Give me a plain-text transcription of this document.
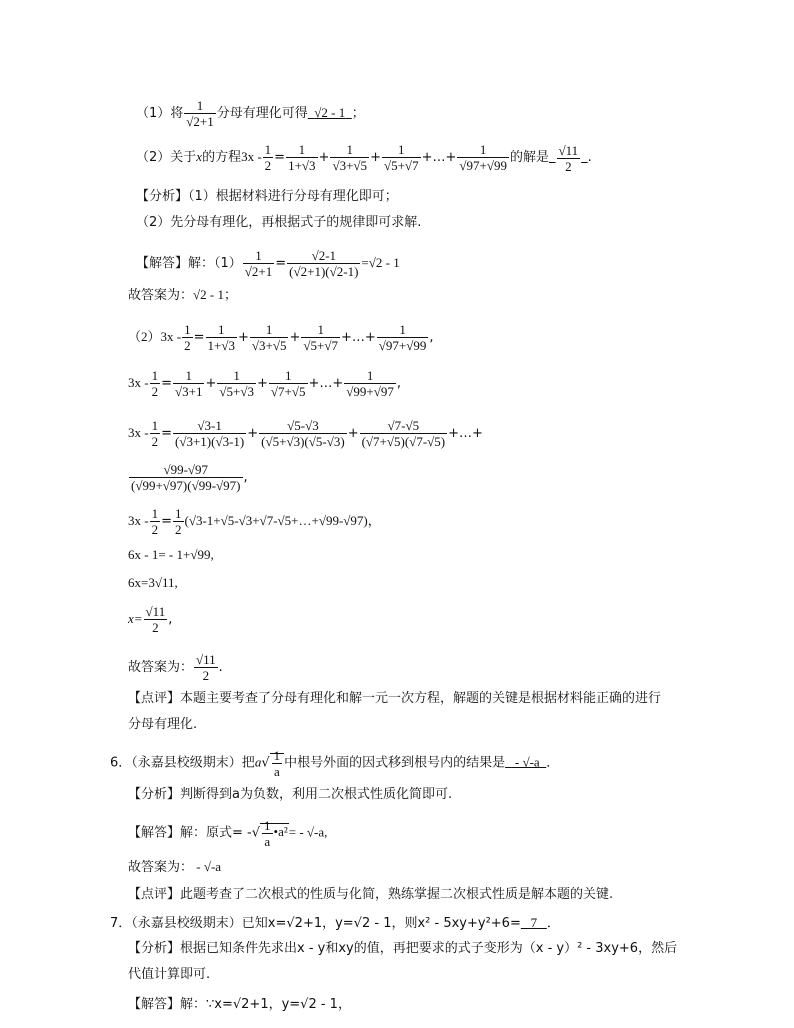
（1）将 $\frac{1}{√2+1}$ 分母有理化可得 √2 - 1 ；
（2）关于x的方程$3x - \frac{1}{2} = \frac{1}{1+√3} + \frac{1}{√3+√5} + \frac{1}{√5+√7}$ +…+ $\frac{1}{√97+√99}$ 的解是 $\frac{√11}{2}$ .
【分析】（1）根据材料进行分母有理化即可；
（2）先分母有理化，再根据式子的规律即可求解.
【解答】解：$(1) \frac{1}{√2+1} = \frac{√2-1}{(√2+1)(√2-1)} =√2 - 1$
故答案为：√2 - 1；
$(2)3x - \frac{1}{2} = \frac{1}{1+√3} + \frac{1}{√3+√5} + \frac{1}{√5+√7}$ +…+ $\frac{1}{√97+√99}$ ,
$3x - \frac{1}{2} = \frac{1}{√3+1} + \frac{1}{√5+√3} + \frac{1}{√7+√5}$ +…+ $\frac{1}{√99+√97}$ ,
$3x - \frac{1}{2} = \frac{√3-1}{(√3+1)(√3-1)} + \frac{√5-√3}{(√5+√3)(√5-√3)} + \frac{√7-√5}{(√7+√5)(√7-√5)}$ +…+
$\frac{√99-√97}{(√99+√97)(√99-√97)}$ ,
$3x - \frac{1}{2} = \frac{1}{2}$ (√3-1+√5-√3+√7-√5+…+√99-√97)，
6x - 1= - 1+√99,
6x=3√11,
$x= \frac{√11}{2}$ ,
故答案为： $\frac{√11}{2}$ .
【点评】本题主要考查了分母有理化和解一元一次方程，解题的关键是根据材料能正确的进行
分母有理化.
6．（永嘉县校级期末）把$a√ \frac{1}{a}$ 中根号外面的因式移到根号内的结果是   - √-a ．
【分析】判断得到a为负数，利用二次根式性质化简即可.
【解答】解：原式= -√ $\frac{1}{a}$ •a²= - √-a,
故答案为： - √-a
【点评】此题考查了二次根式的性质与化简，熟练掌握二次根式性质是解本题的关键.
7．（永嘉县校级期末）已知x=√2+1，y=√2 - 1，则x² - 5xy+y²+6= 7 ．
【分析】根据已知条件先求出x - y和xy的值，再把要求的式子变形为（x - y）² - 3xy+6，然后
代值计算即可.
【解答】解：∵x=√2+1，y=√2 - 1，
